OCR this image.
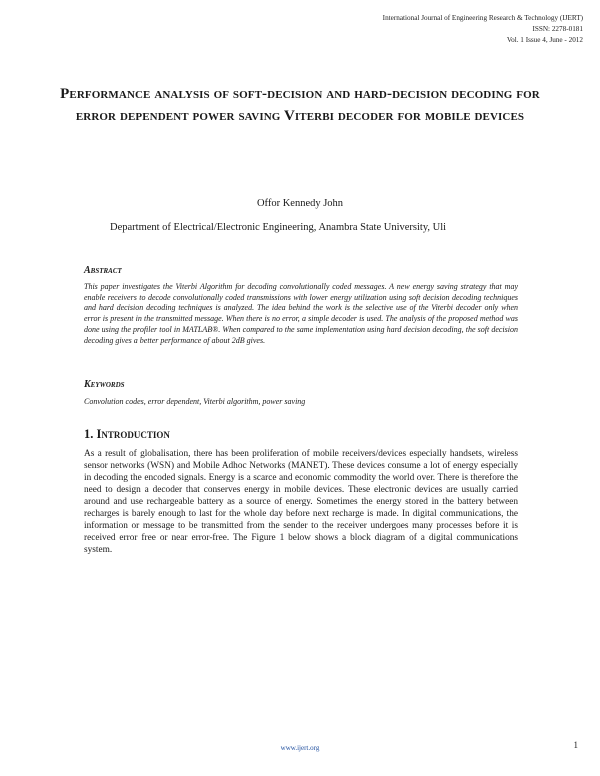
International Journal of Engineering Research & Technology (IJERT)
ISSN: 2278-0181
Vol. 1 Issue 4, June - 2012
Performance analysis of soft-decision and hard-decision decoding for error dependent power saving Viterbi decoder for mobile devices
Offor Kennedy John
Department of Electrical/Electronic Engineering, Anambra State University, Uli
Abstract
This paper investigates the Viterbi Algorithm for decoding convolutionally coded messages. A new energy saving strategy that may enable receivers to decode convolutionally coded transmissions with lower energy utilization using soft decision decoding techniques and hard decision decoding techniques is analyzed. The idea behind the work is the selective use of the Viterbi decoder only when error is present in the transmitted message. When there is no error, a simple decoder is used. The analysis of the proposed method was done using the profiler tool in MATLAB®. When compared to the same implementation using hard decision decoding, the soft decision decoding gives a better performance of about 2dB gives.
Keywords
Convolution codes, error dependent, Viterbi algorithm, power saving
1. Introduction
As a result of globalisation, there has been proliferation of mobile receivers/devices especially handsets, wireless sensor networks (WSN) and Mobile Adhoc Networks (MANET). These devices consume a lot of energy especially in decoding the encoded signals. Energy is a scarce and economic commodity the world over. There is therefore the need to design a decoder that conserves energy in mobile devices. These electronic devices are usually carried around and use rechargeable battery as a source of energy. Sometimes the energy stored in the battery between recharges is barely enough to last for the whole day before next recharge is made. In digital communications, the information or message to be transmitted from the sender to the receiver undergoes many processes before it is received error free or near error-free. The Figure 1 below shows a block diagram of a digital communications system.
www.ijert.org	1
